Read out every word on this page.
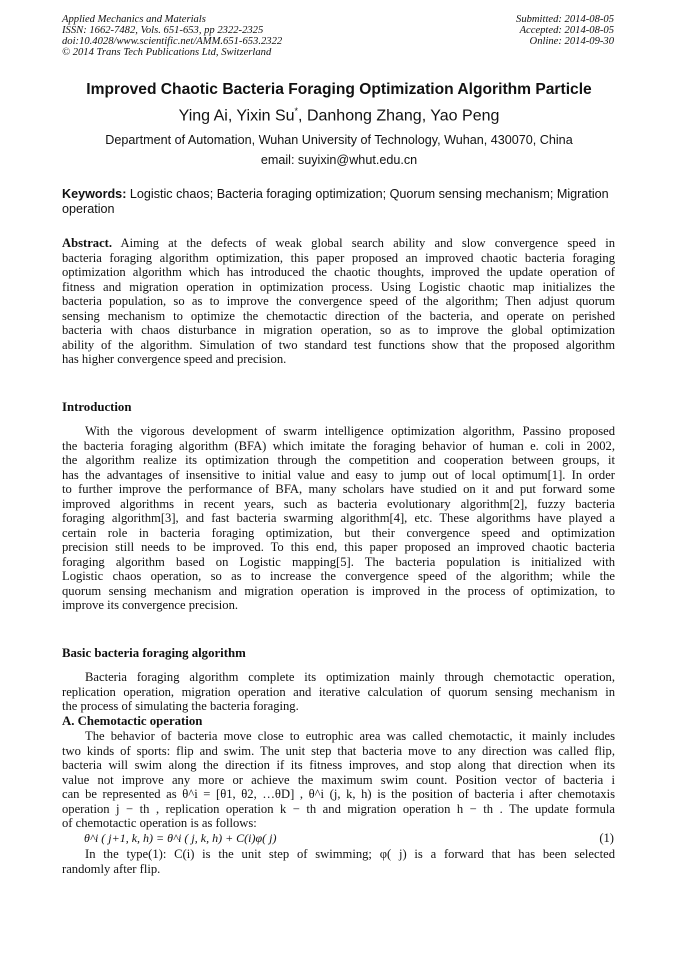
Applied Mechanics and Materials
ISSN: 1662-7482, Vols. 651-653, pp 2322-2325
doi:10.4028/www.scientific.net/AMM.651-653.2322
© 2014 Trans Tech Publications Ltd, Switzerland
Submitted: 2014-08-05
Accepted: 2014-08-05
Online: 2014-09-30
Improved Chaotic Bacteria Foraging Optimization Algorithm Particle
Ying Ai, Yixin Su*, Danhong Zhang, Yao Peng
Department of Automation, Wuhan University of Technology, Wuhan, 430070, China
email: suyixin@whut.edu.cn
Keywords: Logistic chaos; Bacteria foraging optimization; Quorum sensing mechanism; Migration operation
Abstract. Aiming at the defects of weak global search ability and slow convergence speed in
bacteria foraging algorithm optimization, this paper proposed an improved chaotic bacteria foraging
optimization algorithm which has introduced the chaotic thoughts, improved the update operation of
fitness and migration operation in optimization process. Using Logistic chaotic map initializes the
bacteria population, so as to improve the convergence speed of the algorithm; Then adjust quorum
sensing mechanism to optimize the chemotactic direction of the bacteria, and operate on perished
bacteria with chaos disturbance in migration operation, so as to improve the global optimization
ability of the algorithm. Simulation of two standard test functions show that the proposed algorithm
has higher convergence speed and precision.
Introduction
With the vigorous development of swarm intelligence optimization algorithm, Passino proposed
the bacteria foraging algorithm (BFA) which imitate the foraging behavior of human e. coli in 2002,
the algorithm realize its optimization through the competition and cooperation between groups, it
has the advantages of insensitive to initial value and easy to jump out of local optimum[1]. In order
to further improve the performance of BFA, many scholars have studied on it and put forward some
improved algorithms in recent years, such as bacteria evolutionary algorithm[2], fuzzy bacteria
foraging algorithm[3], and fast bacteria swarming algorithm[4], etc. These algorithms have played a
certain role in bacteria foraging optimization, but their convergence speed and optimization
precision still needs to be improved. To this end, this paper proposed an improved chaotic bacteria
foraging algorithm based on Logistic mapping[5]. The bacteria population is initialized with
Logistic chaos operation, so as to increase the convergence speed of the algorithm; while the
quorum sensing mechanism and migration operation is improved in the process of optimization, to
improve its convergence precision.
Basic bacteria foraging algorithm
Bacteria foraging algorithm complete its optimization mainly through chemotactic operation,
replication operation, migration operation and iterative calculation of quorum sensing mechanism in
the process of simulating the bacteria foraging.
A. Chemotactic operation
The behavior of bacteria move close to eutrophic area was called chemotactic, it mainly includes
two kinds of sports: flip and swim. The unit step that bacteria move to any direction was called flip,
bacteria will swim along the direction if its fitness improves, and stop along that direction when its
value not improve any more or achieve the maximum swim count. Position vector of bacteria i
can be represented as θ^i = [θ1, θ2, …θD] , θ^i (j, k, h) is the position of bacteria i after chemotaxis
operation j − th , replication operation k − th and migration operation h − th . The update formula
of chemotactic operation is as follows:
θ^i ( j+1, k, h) = θ^i ( j, k, h) + C(i)φ( j)	(1)
In the type(1): C(i) is the unit step of swimming; φ( j) is a forward that has been selected
randomly after flip.
